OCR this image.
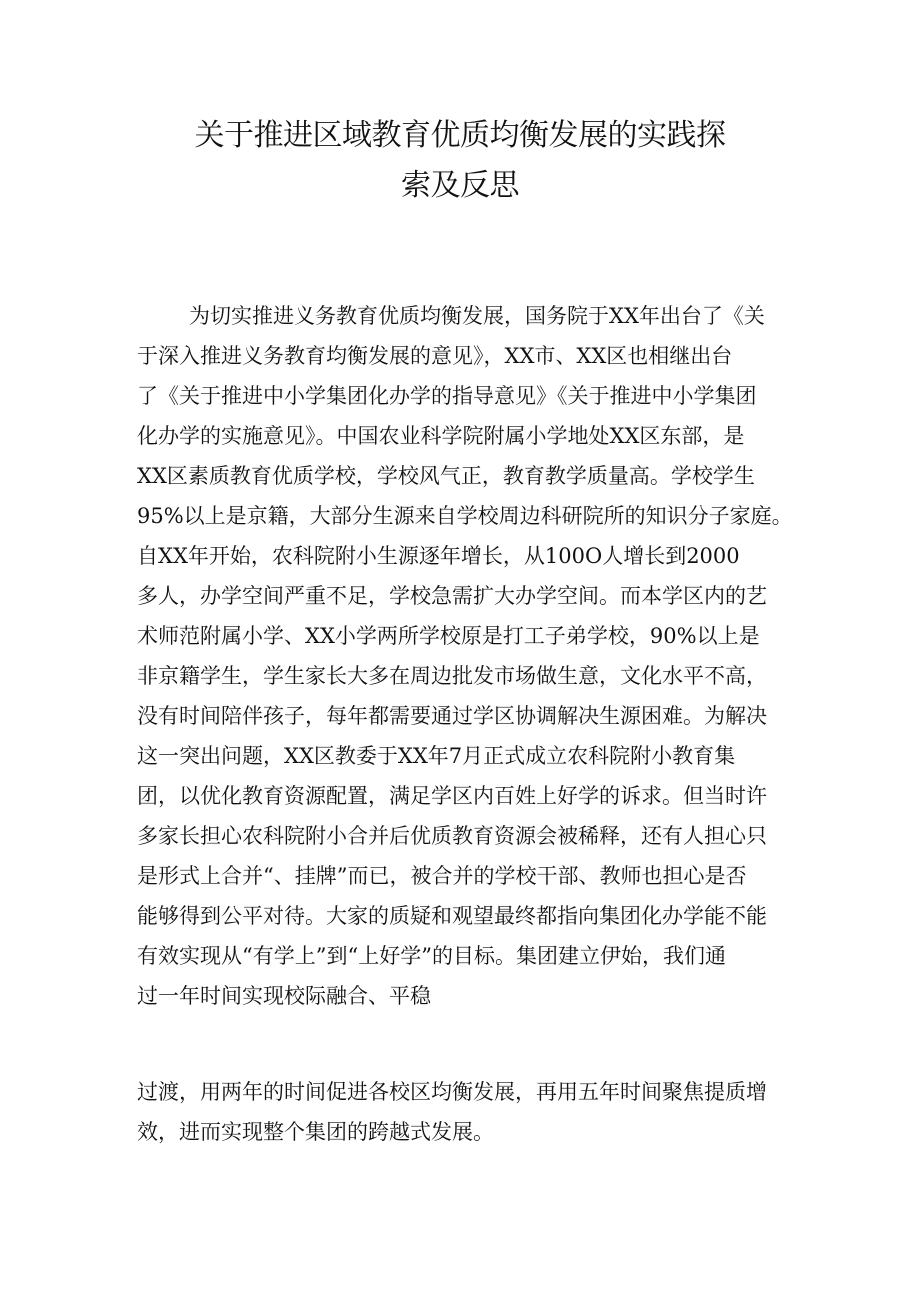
关于推进区域教育优质均衡发展的实践探
索及反思
为切实推进义务教育优质均衡发展，国务院于XX年出台了《关
于深入推进义务教育均衡发展的意见》，XX市、XX区也相继出台
了《关于推进中小学集团化办学的指导意见》《关于推进中小学集团
化办学的实施意见》。中国农业科学院附属小学地处XX区东部，是
XX区素质教育优质学校，学校风气正，教育教学质量高。学校学生
95%以上是京籍，大部分生源来自学校周边科研院所的知识分子家庭。
自XX年开始，农科院附小生源逐年增长，从100O人增长到2000
多人，办学空间严重不足，学校急需扩大办学空间。而本学区内的艺
术师范附属小学、XX小学两所学校原是打工子弟学校，90%以上是
非京籍学生，学生家长大多在周边批发市场做生意，文化水平不高，
没有时间陪伴孩子，每年都需要通过学区协调解决生源困难。为解决
这一突出问题，XX区教委于XX年7月正式成立农科院附小教育集
团，以优化教育资源配置，满足学区内百姓上好学的诉求。但当时许
多家长担心农科院附小合并后优质教育资源会被稀释，还有人担心只
是形式上合并“、挂牌”而已，被合并的学校干部、教师也担心是否
能够得到公平对待。大家的质疑和观望最终都指向集团化办学能不能
有效实现从“有学上”到“上好学”的目标。集团建立伊始，我们通
过一年时间实现校际融合、平稳
过渡，用两年的时间促进各校区均衡发展，再用五年时间聚焦提质增
效，进而实现整个集团的跨越式发展。
